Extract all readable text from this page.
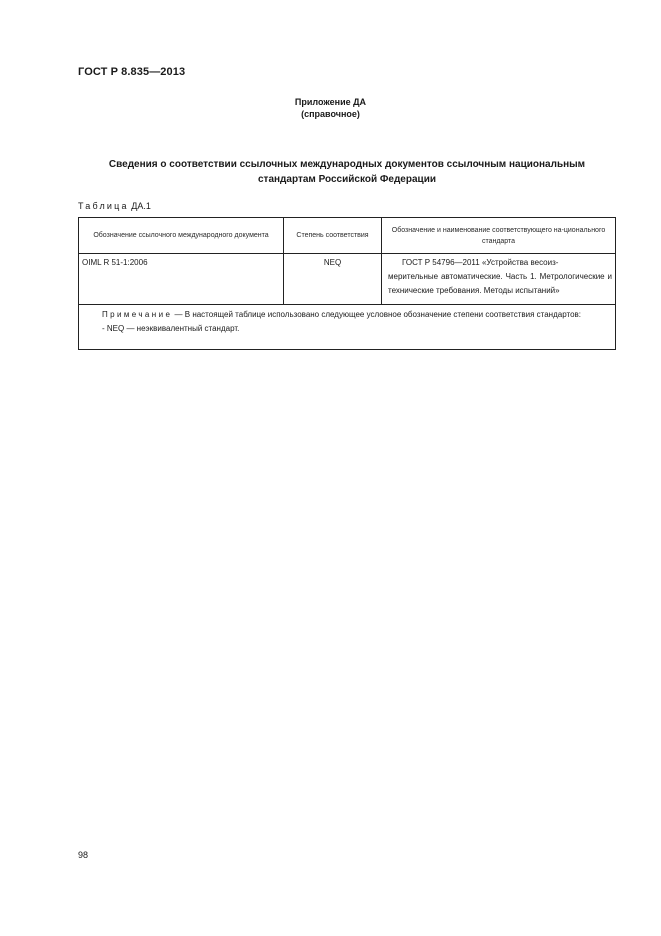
ГОСТ Р 8.835—2013
Приложение ДА
(справочное)
Сведения о соответствии ссылочных международных документов ссылочным национальным
стандартам Российской Федерации
Таблица ДА.1
Обозначение ссылочного международного документа	Степень соответствия	Обозначение и наименование соответствующего на-ционального стандарта
OIML R 51-1:2006	NEQ	ГОСТ Р 54796—2011 «Устройства весоиз-
мерительные автоматические. Часть 1. Метрологические и технические требования. Методы испытаний»

Примечание — В настоящей таблице использовано следующее условное обозначение степени соответствия стандартов:
- NEQ — неэквивалентный стандарт.		
98
